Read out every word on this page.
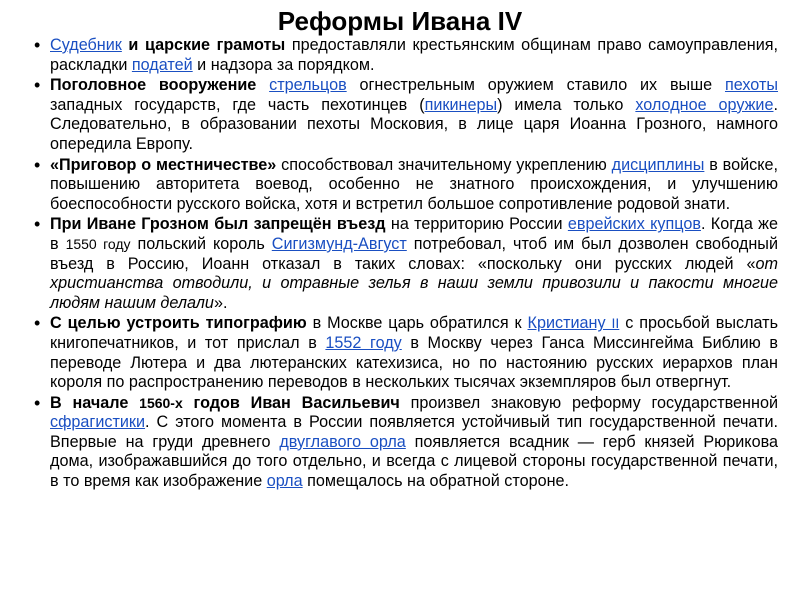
Реформы Ивана IV
• Судебник и царские грамоты предоставляли крестьянским общинам право самоуправления, раскладки податей и надзора за порядком.
• Поголовное вооружение стрельцов огнестрельным оружием ставило их выше пехоты западных государств, где часть пехотинцев (пикинеры) имела только холодное оружие. Следовательно, в образовании пехоты Московия, в лице царя Иоанна Грозного, намного опередила Европу.
• «Приговор о местничестве» способствовал значительному укреплению дисциплины в войске, повышению авторитета воевод, особенно не знатного происхождения, и улучшению боеспособности русского войска, хотя и встретил большое сопротивление родовой знати.
• При Иване Грозном был запрещён въезд на территорию России еврейских купцов. Когда же в 1550 году польский король Сигизмунд-Август потребовал, чтоб им был дозволен свободный въезд в Россию, Иоанн отказал в таких словах: «поскольку они русских людей «от христианства отводили, и отравные зелья в наши земли привозили и пакости многие людям нашим делали».
• С целью устроить типографию в Москве царь обратился к Кристиану II с просьбой выслать книгопечатников, и тот прислал в 1552 году в Москву через Ганса Миссингейма Библию в переводе Лютера и два лютеранских катехизиса, но по настоянию русских иерархов план короля по распространению переводов в нескольких тысячах экземпляров был отвергнут.
• В начале 1560-х годов Иван Васильевич произвел знаковую реформу государственной сфрагистики. С этого момента в России появляется устойчивый тип государственной печати. Впервые на груди древнего двуглавого орла появляется всадник — герб князей Рюрикова дома, изображавшийся до того отдельно, и всегда с лицевой стороны государственной печати, в то время как изображение орла помещалось на обратной стороне.
